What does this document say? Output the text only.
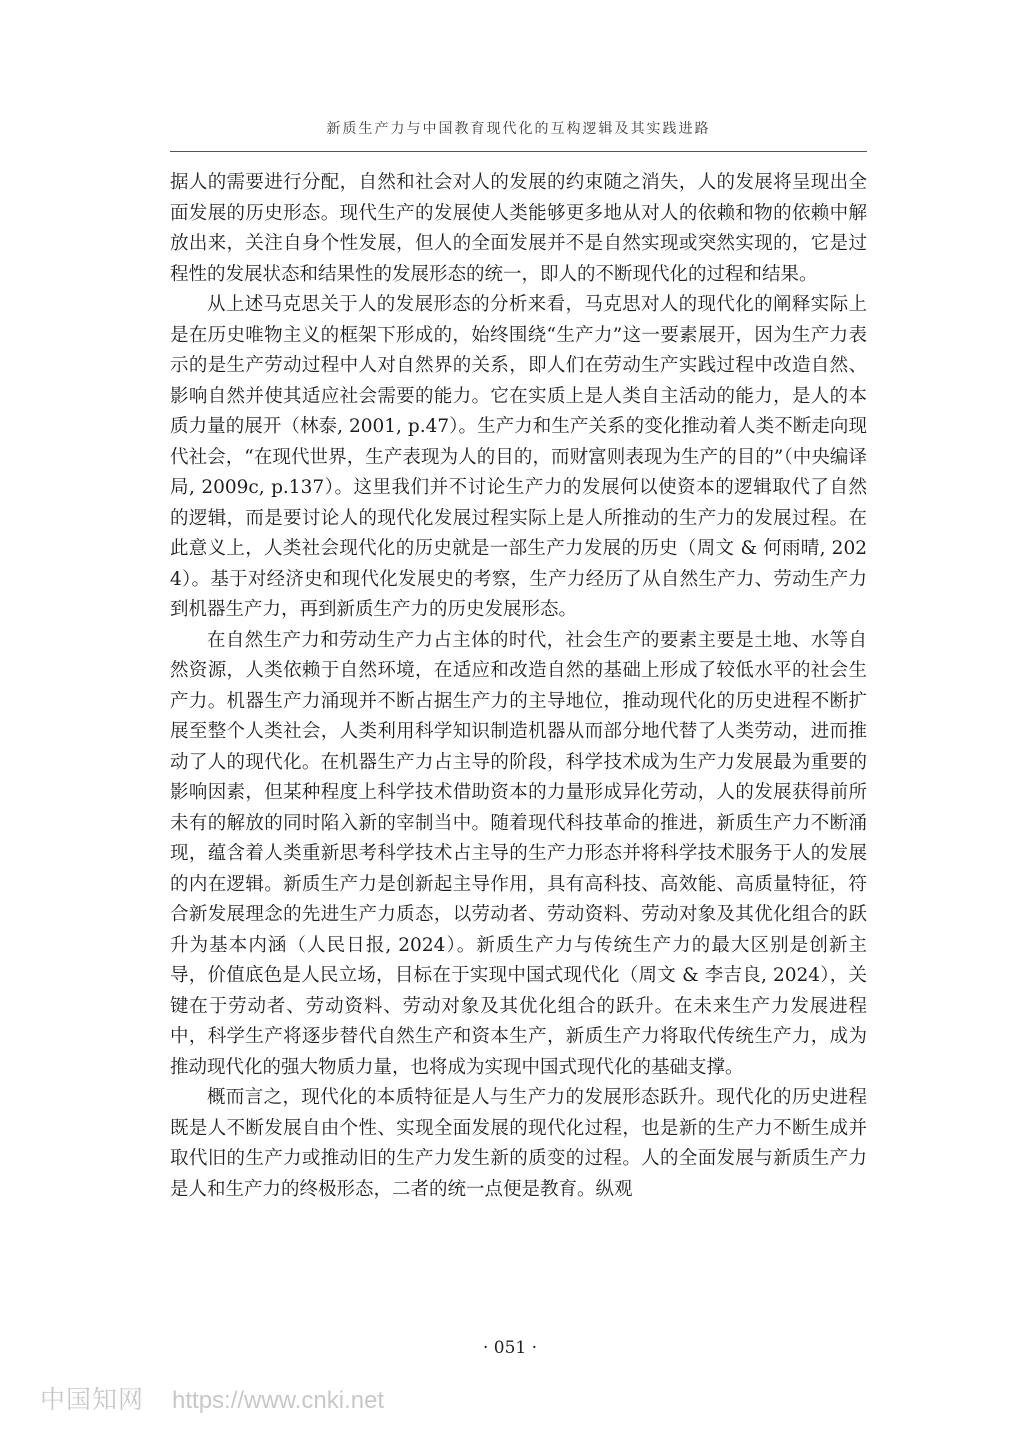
新质生产力与中国教育现代化的互构逻辑及其实践进路

据人的需要进行分配，自然和社会对人的发展的约束随之消失，人的发展将呈现出全面发展的历史形态。现代生产的发展使人类能够更多地从对人的依赖和物的依赖中解放出来，关注自身个性发展，但人的全面发展并不是自然实现或突然实现的，它是过程性的发展状态和结果性的发展形态的统一，即人的不断现代化的过程和结果。

从上述马克思关于人的发展形态的分析来看，马克思对人的现代化的阐释实际上是在历史唯物主义的框架下形成的，始终围绕“生产力”这一要素展开，因为生产力表示的是生产劳动过程中人对自然界的关系，即人们在劳动生产实践过程中改造自然、影响自然并使其适应社会需要的能力。它在实质上是人类自主活动的能力，是人的本质力量的展开（林泰, 2001, p.47）。生产力和生产关系的变化推动着人类不断走向现代社会，“在现代世界，生产表现为人的目的，而财富则表现为生产的目的”（中央编译局, 2009c, p.137）。这里我们并不讨论生产力的发展何以使资本的逻辑取代了自然的逻辑，而是要讨论人的现代化发展过程实际上是人所推动的生产力的发展过程。在此意义上，人类社会现代化的历史就是一部生产力发展的历史（周文 & 何雨晴, 2024）。基于对经济史和现代化发展史的考察，生产力经历了从自然生产力、劳动生产力到机器生产力，再到新质生产力的历史发展形态。

在自然生产力和劳动生产力占主体的时代，社会生产的要素主要是土地、水等自然资源，人类依赖于自然环境，在适应和改造自然的基础上形成了较低水平的社会生产力。机器生产力涌现并不断占据生产力的主导地位，推动现代化的历史进程不断扩展至整个人类社会，人类利用科学知识制造机器从而部分地代替了人类劳动，进而推动了人的现代化。在机器生产力占主导的阶段，科学技术成为生产力发展最为重要的影响因素，但某种程度上科学技术借助资本的力量形成异化劳动，人的发展获得前所未有的解放的同时陷入新的宰制当中。随着现代科技革命的推进，新质生产力不断涌现，蕴含着人类重新思考科学技术占主导的生产力形态并将科学技术服务于人的发展的内在逻辑。新质生产力是创新起主导作用，具有高科技、高效能、高质量特征，符合新发展理念的先进生产力质态，以劳动者、劳动资料、劳动对象及其优化组合的跃升为基本内涵（人民日报, 2024）。新质生产力与传统生产力的最大区别是创新主导，价值底色是人民立场，目标在于实现中国式现代化（周文 & 李吉良, 2024），关键在于劳动者、劳动资料、劳动对象及其优化组合的跃升。在未来生产力发展进程中，科学生产将逐步替代自然生产和资本生产，新质生产力将取代传统生产力，成为推动现代化的强大物质力量，也将成为实现中国式现代化的基础支撑。

概而言之，现代化的本质特征是人与生产力的发展形态跃升。现代化的历史进程既是人不断发展自由个性、实现全面发展的现代化过程，也是新的生产力不断生成并取代旧的生产力或推动旧的生产力发生新的质变的过程。人的全面发展与新质生产力是人和生产力的终极形态，二者的统一点便是教育。纵观

· 051 ·
中国知网 https://www.cnki.net
